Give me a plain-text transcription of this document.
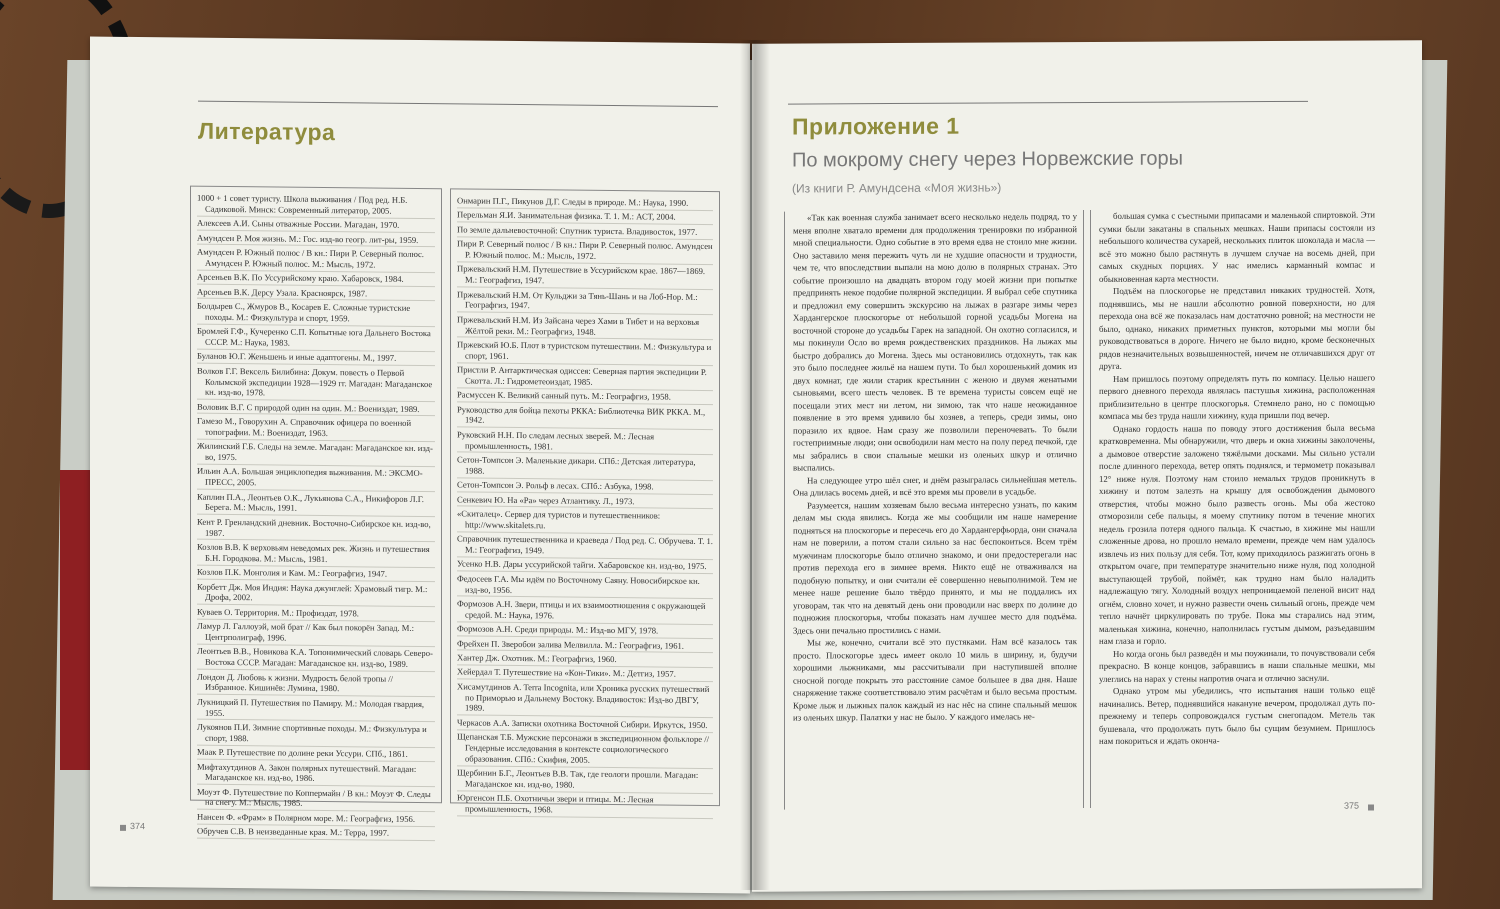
Литература
1000 + 1 совет туристу. Школа выживания / Под ред. Н.Б. Садиковой. Минск: Современный литератор, 2005.
Алексеев А.И. Сыны отважные России. Магадан, 1970.
Амундсен Р. Моя жизнь. М.: Гос. изд-во геогр. лит-ры, 1959.
Амундсен Р. Южный полюс / В кн.: Пири Р. Северный полюс. Амундсен Р. Южный полюс. М.: Мысль, 1972.
Арсеньев В.К. По Уссурийскому краю. Хабаровск, 1984.
Арсеньев В.К. Дерсу Узала. Красноярск, 1987.
Болдырев С., Жмуров В., Косарев Е. Сложные туристские походы. М.: Физкультура и спорт, 1959.
Бромлей Г.Ф., Кучеренко С.П. Копытные юга Дальнего Востока СССР. М.: Наука, 1983.
Буланов Ю.Г. Женьшень и иные адаптогены. М., 1997.
Волков Г.Г. Вексель Билибина: Докум. повесть о Первой Колымской экспедиции 1928—1929 гг. Магадан: Магаданское кн. изд-во, 1978.
Воловик В.Г. С природой один на один. М.: Воениздат, 1989.
Гамезо М., Говорухин А. Справочник офицера по военной топографии. М.: Воениздат, 1963.
Жилинский Г.Б. Следы на земле. Магадан: Магаданское кн. изд-во, 1975.
Ильин А.А. Большая энциклопедия выживания. М.: ЭКСМО-ПРЕСС, 2005.
Каплин П.А., Леонтьев О.К., Лукьянова С.А., Никифоров Л.Г. Берега. М.: Мысль, 1991.
Кент Р. Гренландский дневник. Восточно-Сибирское кн. изд-во, 1987.
Козлов В.В. К верховьям неведомых рек. Жизнь и путешествия Б.Н. Городкова. М.: Мысль, 1981.
Козлов П.К. Монголия и Кам. М.: Географгиз, 1947.
Корбетт Дж. Моя Индия: Наука джунглей: Храмовый тигр. М.: Дрофа, 2002.
Куваев О. Территория. М.: Профиздат, 1978.
Ламур Л. Галлоуэй, мой брат // Как был покорён Запад. М.: Центрполиграф, 1996.
Леонтьев В.В., Новикова К.А. Топонимический словарь Северо-Востока СССР. Магадан: Магаданское кн. изд-во, 1989.
Лондон Д. Любовь к жизни. Мудрость белой тропы // Избранное. Кишинёв: Лумина, 1980.
Лукницкий П. Путешествия по Памиру. М.: Молодая гвардия, 1955.
Лукоянов П.И. Зимние спортивные походы. М.: Физкультура и спорт, 1988.
Маак Р. Путешествие по долине реки Уссури. СПб., 1861.
Мифтахутдинов А. Закон полярных путешествий. Магадан: Магаданское кн. изд-во, 1986.
Моуэт Ф. Путешествие по Коппермайн / В кн.: Моуэт Ф. Следы на снегу. М.: Мысль, 1985.
Нансен Ф. «Фрам» в Полярном море. М.: Географгиз, 1956.
Обручев С.В. В неизведанные края. М.: Терра, 1997.
Онмарин П.Г., Пикунов Д.Г. Следы в природе. М.: Наука, 1990.
Перельман Я.И. Занимательная физика. Т. 1. М.: АСТ, 2004.
По земле дальневосточной: Спутник туриста. Владивосток, 1977.
Пири Р. Северный полюс / В кн.: Пири Р. Северный полюс. Амундсен Р. Южный полюс. М.: Мысль, 1972.
Пржевальский Н.М. Путешествие в Уссурийском крае. 1867—1869. М.: Географгиз, 1947.
Пржевальский Н.М. От Кульджи за Тянь-Шань и на Лоб-Нор. М.: Географгиз, 1947.
Пржевальский Н.М. Из Зайсана через Хами в Тибет и на верховья Жёлтой реки. М.: Географгиз, 1948.
Пржевский Ю.Б. Плот в туристском путешествии. М.: Физкультура и спорт, 1961.
Пристли Р. Антарктическая одиссея: Северная партия экспедиции Р. Скотта. Л.: Гидрометеоиздат, 1985.
Расмуссен К. Великий санный путь. М.: Географгиз, 1958.
Руководство для бойца пехоты РККА: Библиотечка ВИК РККА. М., 1942.
Руковский Н.Н. По следам лесных зверей. М.: Лесная промышленность, 1981.
Сетон-Томпсон Э. Маленькие дикари. СПб.: Детская литература, 1988.
Сетон-Томпсон Э. Рольф в лесах. СПб.: Азбука, 1998.
Сенкевич Ю. На «Ра» через Атлантику. Л., 1973.
«Скиталец». Сервер для туристов и путешественников: http://www.skitalets.ru.
Справочник путешественника и краеведа / Под ред. С. Обручева. Т. 1. М.: Географгиз, 1949.
Усенко Н.В. Дары уссурийской тайги. Хабаровское кн. изд-во, 1975.
Федосеев Г.А. Мы идём по Восточному Саяну. Новосибирское кн. изд-во, 1956.
Формозов А.Н. Звери, птицы и их взаимоотношения с окружающей средой. М.: Наука, 1976.
Формозов А.Н. Среди природы. М.: Изд-во МГУ, 1978.
Фрейхен П. Зверобои залива Мелвилла. М.: Географгиз, 1961.
Хантер Дж. Охотник. М.: Географгиз, 1960.
Хейердал Т. Путешествие на «Кон-Тики». М.: Детгиз, 1957.
Хисамутдинов А. Terra Incognita, или Хроника русских путешествий по Приморью и Дальнему Востоку. Владивосток: Изд-во ДВГУ, 1989.
Черкасов А.А. Записки охотника Восточной Сибири. Иркутск, 1950.
Щепанская Т.Б. Мужские персонажи в экспедиционном фольклоре // Гендерные исследования в контексте социологического образования. СПб.: Скифия, 2005.
Щербинин Б.Г., Леонтьев В.В. Так, где геологи прошли. Магадан: Магаданское кн. изд-во, 1980.
Юргенсон П.Б. Охотничьи звери и птицы. М.: Лесная промышленность, 1968.
374
Приложение 1
По мокрому снегу через Норвежские горы
(Из книги Р. Амундсена «Моя жизнь»)

«Так как военная служба занимает всего несколько недель подряд, то у меня вполне хватало времени для продолжения тренировки по избранной мной специальности. Одно событие в это время едва не стоило мне жизни. Оно заставило меня пережить чуть ли не худшие опасности и трудности, чем те, что впоследствии выпали на мою долю в полярных странах. Это событие произошло на двадцать втором году моей жизни при попытке предпринять некое подобие полярной экспедиции. Я выбрал себе спутника и предложил ему совершить экскурсию на лыжах в разгаре зимы через Хардангерское плоскогорье от небольшой горной усадьбы Могена на восточной стороне до усадьбы Гарек на западной. Он охотно согласился, и мы покинули Осло во время рождественских праздников. На лыжах мы быстро добрались до Могена. Здесь мы остановились отдохнуть, так как это было последнее жильё на нашем пути. То был хорошенький домик из двух комнат, где жили старик крестьянин с женою и двумя женатыми сыновьями, всего шесть человек. В те времена туристы совсем ещё не посещали этих мест ни летом, ни зимою, так что наше неожиданное появление в это время удивило бы хозяев, а теперь, среди зимы, оно поразило их вдвое. Нам сразу же позволили переночевать. То были гостеприимные люди; они освободили нам место на полу перед печкой, где мы забрались в свои спальные мешки из оленьих шкур и отлично выспались.

На следующее утро шёл снег, и днём разыгралась сильнейшая метель. Она длилась восемь дней, и всё это время мы провели в усадьбе.

Разумеется, нашим хозяевам было весьма интересно узнать, по каким делам мы сюда явились. Когда же мы сообщили им наше намерение подняться на плоскогорье и пересечь его до Хардангерфьорда, они сначала нам не поверили, а потом стали сильно за нас беспокоиться. Всем трём мужчинам плоскогорье было отлично знакомо, и они предостерегали нас против перехода его в зимнее время. Никто ещё не отваживался на подобную попытку, и они считали её совершенно невыполнимой. Тем не менее наше решение было твёрдо принято, и мы не поддались их уговорам, так что на девятый день они проводили нас вверх по долине до подножия плоскогорья, чтобы показать нам лучшее место для подъёма. Здесь они печально простились с нами.

Мы же, конечно, считали всё это пустяками. Нам всё казалось так просто. Плоскогорье здесь имеет около 10 миль в ширину, и, будучи хорошими лыжниками, мы рассчитывали при наступившей вполне сносной погоде покрыть это расстояние самое большее в два дня. Наше снаряжение также соответствовало этим расчётам и было весьма простым. Кроме лыж и лыжных палок каждый из нас нёс на спине спальный мешок из оленьих шкур. Палатки у нас не было. У каждого имелась не-

большая сумка с съестными припасами и маленькой спиртовкой. Эти сумки были закатаны в спальных мешках. Наши припасы состояли из небольшого количества сухарей, нескольких плиток шоколада и масла — всё это можно было растянуть в лучшем случае на восемь дней, при самых скудных порциях. У нас имелись карманный компас и обыкновенная карта местности.

Подъём на плоскогорье не представил никаких трудностей. Хотя, поднявшись, мы не нашли абсолютно ровной поверхности, но для перехода она всё же показалась нам достаточно ровной; на местности не было, однако, никаких приметных пунктов, которыми мы могли бы руководствоваться в дороге. Ничего не было видно, кроме бесконечных рядов незначительных возвышенностей, ничем не отличавшихся друг от друга.

Нам пришлось поэтому определять путь по компасу. Целью нашего первого дневного перехода являлась пастушья хижина, расположенная приблизительно в центре плоскогорья. Стемнело рано, но с помощью компаса мы без труда нашли хижину, куда пришли под вечер.

Однако гордость наша по поводу этого достижения была весьма кратковременна. Мы обнаружили, что дверь и окна хижины заколочены, а дымовое отверстие заложено тяжёлыми досками. Мы сильно устали после длинного перехода, ветер опять поднялся, и термометр показывал 12° ниже нуля. Поэтому нам стоило немалых трудов проникнуть в хижину и потом залезть на крышу для освобождения дымового отверстия, чтобы можно было развесть огонь. Мы оба жестоко отморозили себе пальцы, я моему спутнику потом в течение многих недель грозила потеря одного пальца. К счастью, в хижине мы нашли сложенные дрова, но прошло немало времени, прежде чем нам удалось извлечь из них пользу для себя. Тот, кому приходилось разжигать огонь в открытом очаге, при температуре значительно ниже нуля, под холодной выступающей трубой, поймёт, как трудно нам было наладить надлежащую тягу. Холодный воздух непроницаемой пеленой висит над огнём, словно хочет, и нужно развести очень сильный огонь, прежде чем тепло начнёт циркулировать по трубе. Пока мы старались над этим, маленькая хижина, конечно, наполнилась густым дымом, разъедавшим нам глаза и горло.

Но когда огонь был разведён и мы поужинали, то почувствовали себя прекрасно. В конце концов, забравшись в наши спальные мешки, мы улеглись на нарах у стены напротив очага и отлично заснули.

Однако утром мы убедились, что испытания наши только ещё начинались. Ветер, поднявшийся накануне вечером, продолжал дуть по-прежнему и теперь сопровождался густым снегопадом. Метель так бушевала, что продолжать путь было бы сущим безумием. Пришлось нам покориться и ждать оконча-

375
